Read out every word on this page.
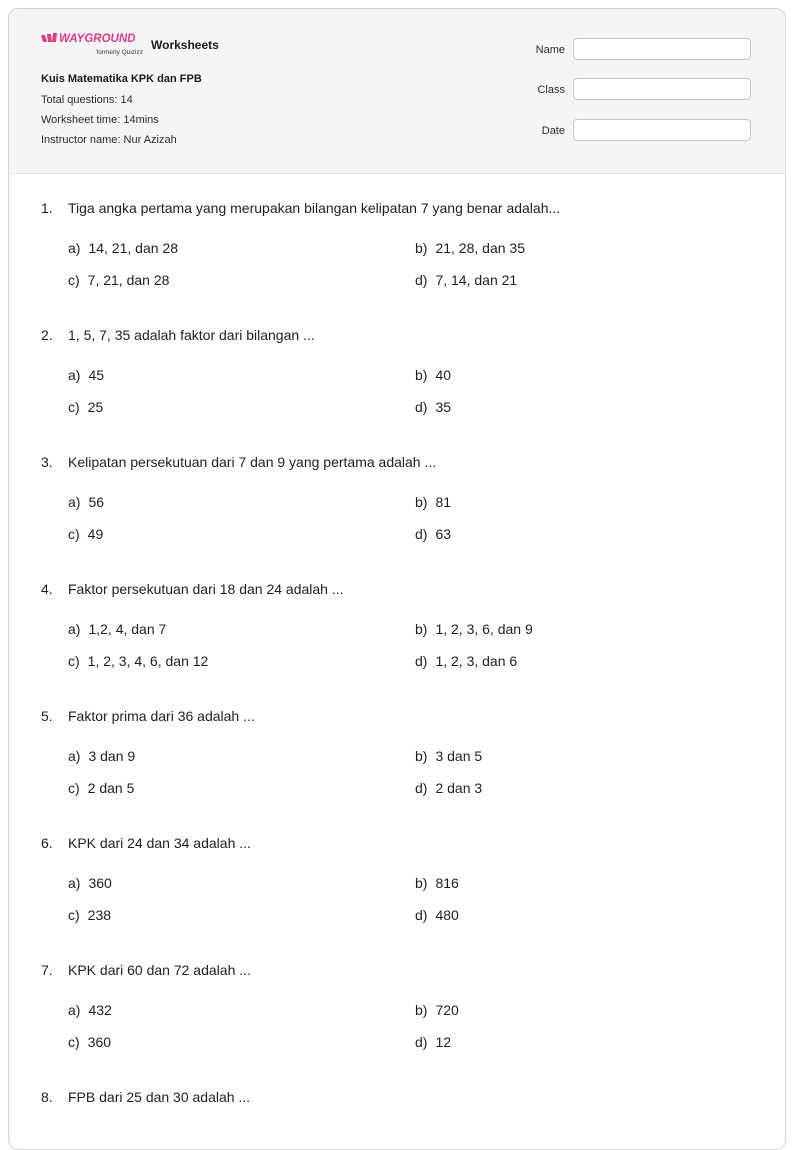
WAYGROUND
formerly Quizizz
Worksheets
Kuis Matematika KPK dan FPB
Total questions: 14
Worksheet time: 14mins
Instructor name: Nur Azizah
Name
Class
Date
1. Tiga angka pertama yang merupakan bilangan kelipatan 7 yang benar adalah...
a) 14, 21, dan 28	b) 21, 28, dan 35
c) 7, 21, dan 28	d) 7, 14, dan 21
2. 1, 5, 7, 35 adalah faktor dari bilangan ...
a) 45	b) 40
c) 25	d) 35
3. Kelipatan persekutuan dari 7 dan 9 yang pertama adalah ...
a) 56	b) 81
c) 49	d) 63
4. Faktor persekutuan dari 18 dan 24 adalah ...
a) 1,2, 4, dan 7	b) 1, 2, 3, 6, dan 9
c) 1, 2, 3, 4, 6, dan 12	d) 1, 2, 3, dan 6
5. Faktor prima dari 36 adalah ...
a) 3 dan 9	b) 3 dan 5
c) 2 dan 5	d) 2 dan 3
6. KPK dari 24 dan 34 adalah ...
a) 360	b) 816
c) 238	d) 480
7. KPK dari 60 dan 72 adalah ...
a) 432	b) 720
c) 360	d) 12
8. FPB dari 25 dan 30 adalah ...
